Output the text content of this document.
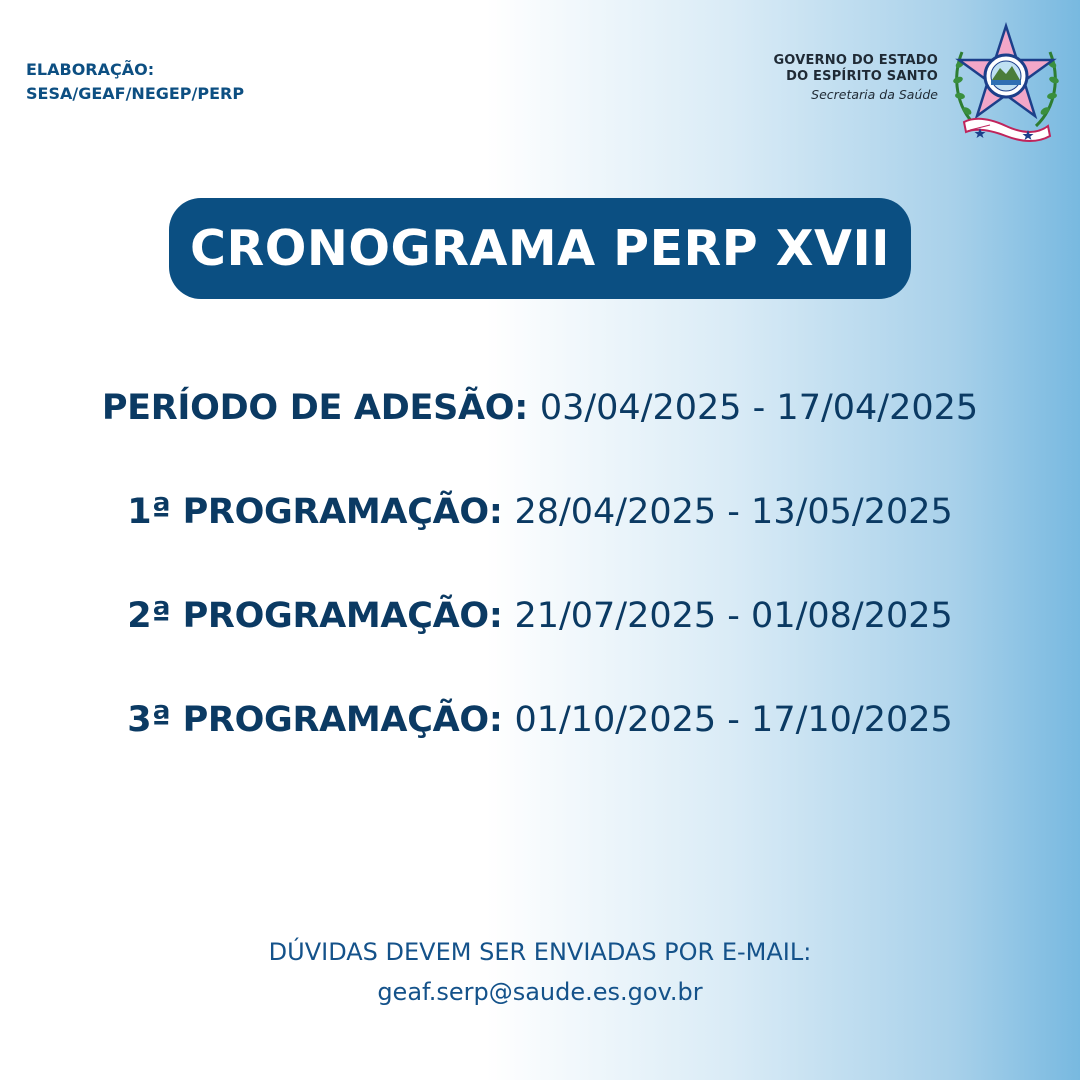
ELABORAÇÃO:
SESA/GEAF/NEGEP/PERP
GOVERNO DO ESTADO
DO ESPÍRITO SANTO
Secretaria da Saúde
CRONOGRAMA PERP XVII
PERÍODO DE ADESÃO: 03/04/2025 - 17/04/2025
1ª PROGRAMAÇÃO: 28/04/2025 - 13/05/2025
2ª PROGRAMAÇÃO: 21/07/2025 - 01/08/2025
3ª PROGRAMAÇÃO: 01/10/2025 - 17/10/2025
DÚVIDAS DEVEM SER ENVIADAS POR E-MAIL:
geaf.serp@saude.es.gov.br
